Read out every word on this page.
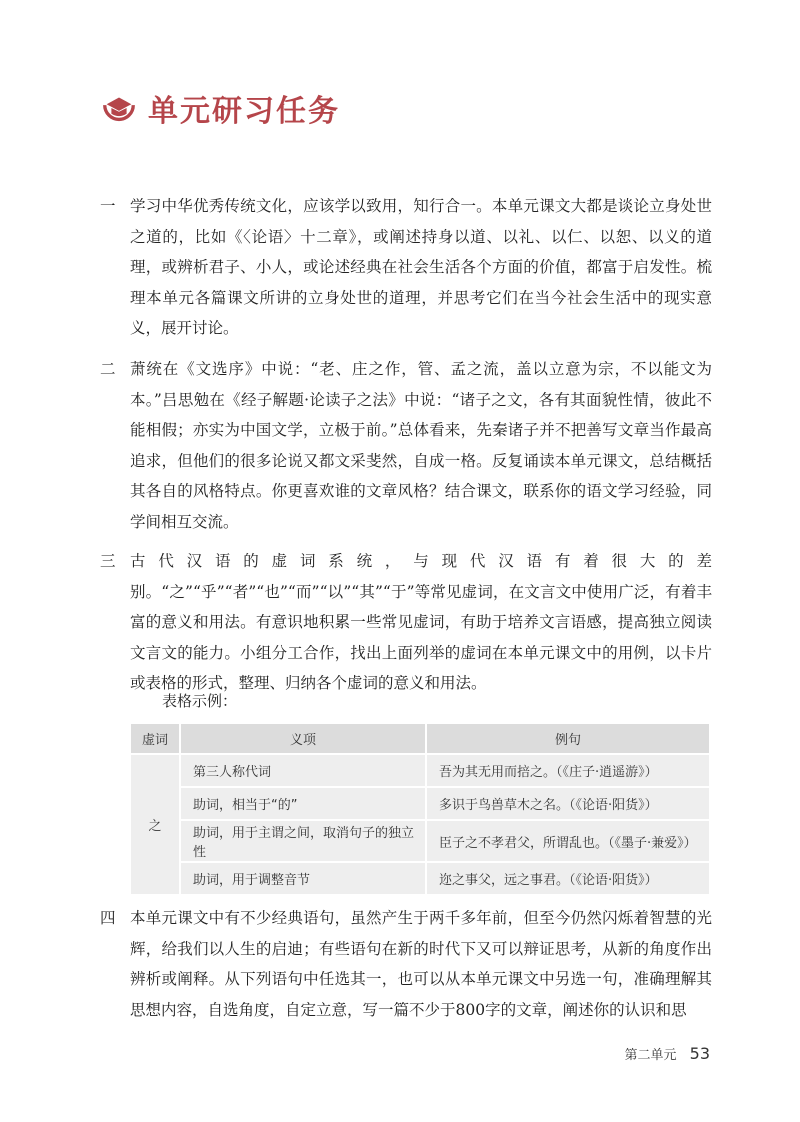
单元研习任务
一 学习中华优秀传统文化，应该学以致用，知行合一。本单元课文大都是谈论立身处世之道的，比如《〈论语〉十二章》，或阐述持身以道、以礼、以仁、以恕、以义的道理，或辨析君子、小人，或论述经典在社会生活各个方面的价值，都富于启发性。梳理本单元各篇课文所讲的立身处世的道理，并思考它们在当今社会生活中的现实意义，展开讨论。
二 萧统在《文选序》中说：“老、庄之作，管、孟之流，盖以立意为宗，不以能文为本。”吕思勉在《经子解题·论读子之法》中说：“诸子之文，各有其面貌性情，彼此不能相假；亦实为中国文学，立极于前。”总体看来，先秦诸子并不把善写文章当作最高追求，但他们的很多论说又都文采斐然，自成一格。反复诵读本单元课文，总结概括其各自的风格特点。你更喜欢谁的文章风格？结合课文，联系你的语文学习经验，同学间相互交流。
三 古代汉语的虚词系统，与现代汉语有着很大的差别。“之”“乎”“者”“也”“而”“以”“其”“于”等常见虚词，在文言文中使用广泛，有着丰富的意义和用法。有意识地积累一些常见虚词，有助于培养文言语感，提高独立阅读文言文的能力。小组分工合作，找出上面列举的虚词在本单元课文中的用例，以卡片或表格的形式，整理、归纳各个虚词的意义和用法。
表格示例：
虚词	义项	例句
之	第三人称代词	吾为其无用而掊之。（《庄子·逍遥游》）
	助词，相当于“的”	多识于鸟兽草木之名。（《论语·阳货》）
	助词，用于主谓之间，取消句子的独立性	臣子之不孝君父，所谓乱也。（《墨子·兼爱》）
	助词，用于调整音节	迩之事父，远之事君。（《论语·阳货》）
四 本单元课文中有不少经典语句，虽然产生于两千多年前，但至今仍然闪烁着智慧的光辉，给我们以人生的启迪；有些语句在新的时代下又可以辩证思考，从新的角度作出辨析或阐释。从下列语句中任选其一，也可以从本单元课文中另选一句，准确理解其思想内容，自选角度，自定立意，写一篇不少于800字的文章，阐述你的认识和思
第二单元 53
